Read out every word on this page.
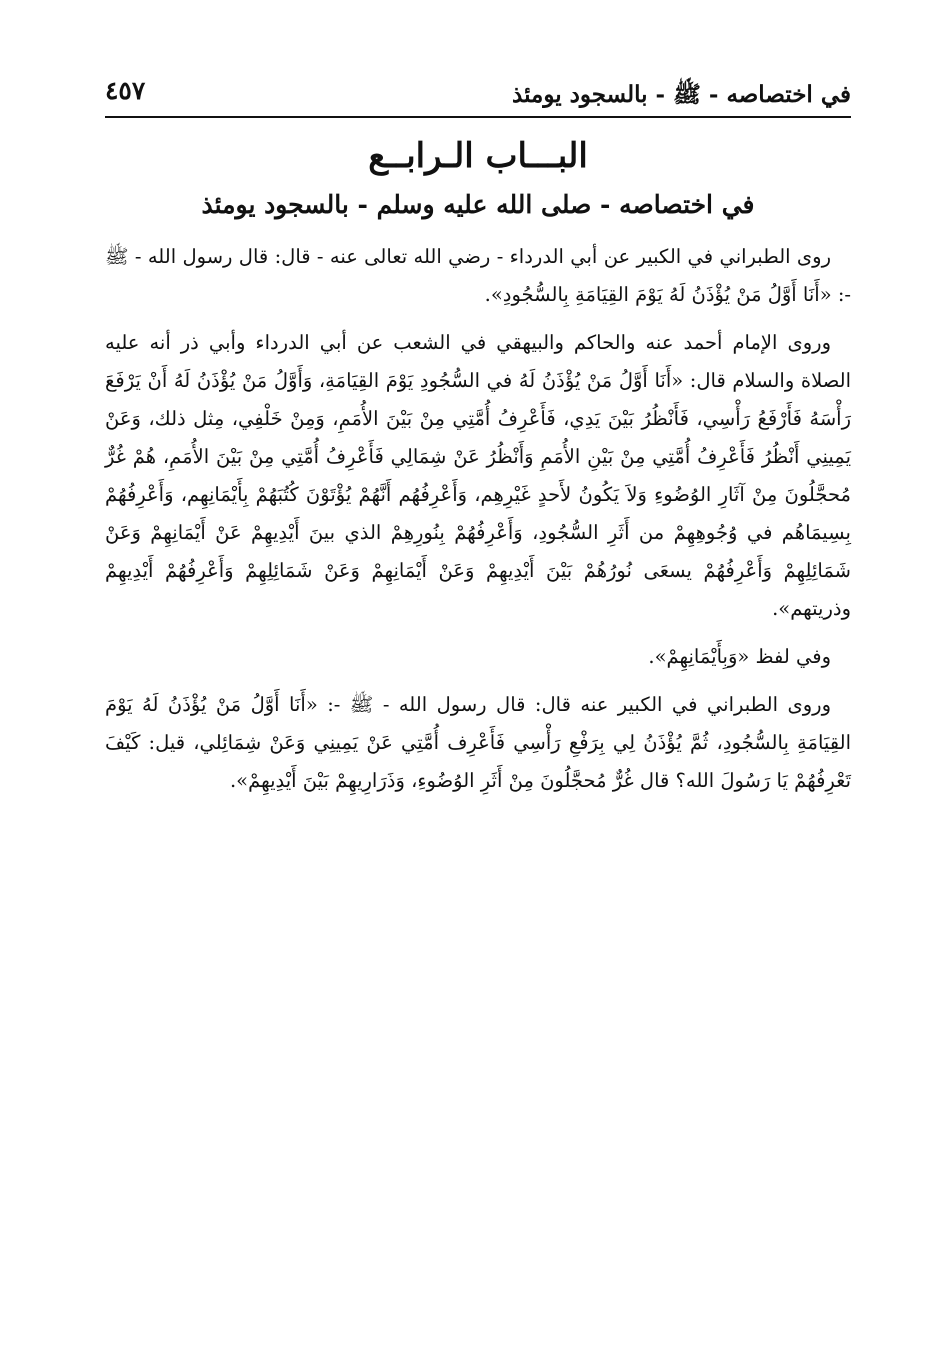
في اختصاصه - ﷺ - بالسجود يومئذ
٤٥٧
البـــاب الـرابــع
في اختصاصه - صلى الله عليه وسلم - بالسجود يومئذ

روى الطبراني في الكبير عن أبي الدرداء - رضي الله تعالى عنه - قال: قال رسول الله - ﷺ -: «أَنَا أَوَّلُ مَنْ يُؤْذَنُ لَهُ يَوْمَ القِيَامَةِ بِالسُّجُودِ».

وروى الإمام أحمد عنه والحاكم والبيهقي في الشعب عن أبي الدرداء وأبي ذر أنه عليه الصلاة والسلام قال: «أَنَا أَوَّلُ مَنْ يُؤْذَنُ لَهُ في السُّجُودِ يَوْمَ القِيَامَةِ، وَأَوَّلُ مَنْ يُؤْذَنُ لَهُ أَنْ يَرْفَعَ رَأْسَهُ فَأَرْفَعُ رَأْسِي، فَأَنْظُرُ بَيْنَ يَدِي، فَأَعْرِفُ أُمَّتِي مِنْ بَيْنَ الأُمَمِ، وَمِنْ خَلْفِي، مِثل ذلك، وَعَنْ يَمِينِي أَنْظُرُ فَأَعْرِفُ أُمَّتِي مِنْ بَيْنِ الأُمَمِ وَأَنْظُرُ عَنْ شِمَالِي فَأَعْرِفُ أُمَّتِي مِنْ بَيْنَ الأُمَمِ، هُمْ غُرٌّ مُحجَّلُونَ مِنْ آثَارِ الوُضُوءِ وَلاَ يَكُونُ لأَحدٍ غَيْرِهِم، وَأَعْرِفُهُم أَنَّهُمْ يُؤْتَوْنَ كُتُبَهُمْ بِأَيْمَانِهِم، وَأَعْرِفُهُمْ بِسِيمَاهُم في وُجُوهِهِمْ من أَثَرِ السُّجُودِ، وَأَعْرِفُهُمْ بِنُورِهِمْ الذي بينَ أَيْدِيهِمْ عَنْ أَيْمَانِهِمْ وَعَنْ شَمَائِلِهِمْ وَأَعْرِفُهُمْ يسعَى نُورُهُمْ بَيْنَ أَيْدِيهِمْ وَعَنْ أَيْمَانِهِمْ وَعَنْ شَمَائِلِهِمْ وَأَعْرِفُهُمْ أَيْدِيهِمْ وذريتهم».

وفي لفظ «وَبِأَيْمَانِهِمْ».

وروى الطبراني في الكبير عنه قال: قال رسول الله - ﷺ -: «أَنَا أَوَّلُ مَنْ يُؤْذَنُ لَهُ يَوْمَ القِيَامَةِ بِالسُّجُودِ، ثُمَّ يُؤْذَنُ لِي بِرَفْعِ رَأْسِي فَأَعْرِف أُمَّتِي عَنْ يَمِينِي وَعَنْ شِمَائِلي، قيل: كَيْفَ تَعْرِفُهُمْ يَا رَسُولَ الله؟ قال غُرٌّ مُحجَّلُونَ مِنْ أَثَرِ الوُضُوءِ، وَذَرَارِيهِمْ بَيْنَ أَيْدِيهِمْ».
